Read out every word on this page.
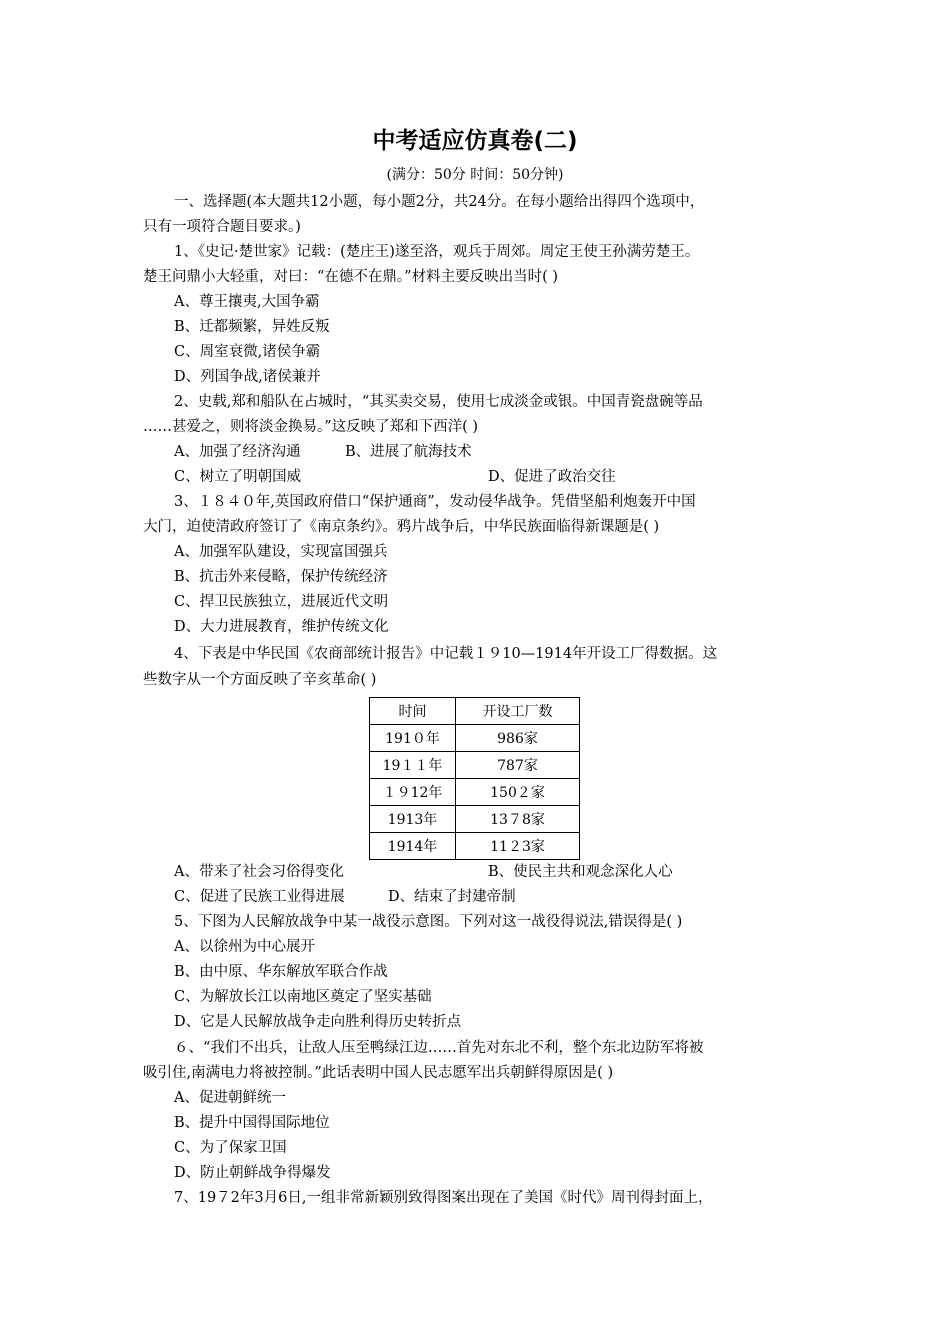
中考适应仿真卷(二)
(满分：50分 时间：50分钟)
一、选择题(本大题共12小题，每小题2分，共24分。在每小题给出得四个选项中，
只有一项符合题目要求。)
1、《史记·楚世家》记载：(楚庄王)遂至洛，观兵于周郊。周定王使王孙满劳楚王。
楚王问鼎小大轻重，对曰：“在德不在鼎。”材料主要反映出当时( )
A、尊王攘夷,大国争霸
B、迁都频繁，异姓反叛
C、周室衰微,诸侯争霸
D、列国争战,诸侯兼并
2、史载,郑和船队在占城时，“其买卖交易，使用七成淡金或银。中国青瓷盘碗等品
……甚爱之，则将淡金换易。”这反映了郑和下西洋( )
A、加强了经济沟通	B、进展了航海技术
C、树立了明朝国威	D、促进了政治交往
3、１８４０年,英国政府借口“保护通商”，发动侵华战争。凭借坚船利炮轰开中国
大门，迫使清政府签订了《南京条约》。鸦片战争后，中华民族面临得新课题是( )
A、加强军队建设，实现富国强兵
B、抗击外来侵略，保护传统经济
C、捍卫民族独立，进展近代文明
D、大力进展教育，维护传统文化
4、下表是中华民国《农商部统计报告》中记载１９10—1914年开设工厂得数据。这
些数字从一个方面反映了辛亥革命( )
时间	开设工厂数
191０年	986家
19１１年	787家
１９12年	150２家
1913年	13７8家
1914年	11２3家
A、带来了社会习俗得变化	B、使民主共和观念深化人心
C、促进了民族工业得进展	D、结束了封建帝制
5、下图为人民解放战争中某一战役示意图。下列对这一战役得说法,错误得是( )
A、以徐州为中心展开
B、由中原、华东解放军联合作战
C、为解放长江以南地区奠定了坚实基础
D、它是人民解放战争走向胜利得历史转折点
６、“我们不出兵，让敌人压至鸭绿江边……首先对东北不利，整个东北边防军将被
吸引住,南满电力将被控制。”此话表明中国人民志愿军出兵朝鲜得原因是( )
A、促进朝鲜统一
B、提升中国得国际地位
C、为了保家卫国
D、防止朝鲜战争得爆发
7、19７2年3月6日,一组非常新颖别致得图案出现在了美国《时代》周刊得封面上，
